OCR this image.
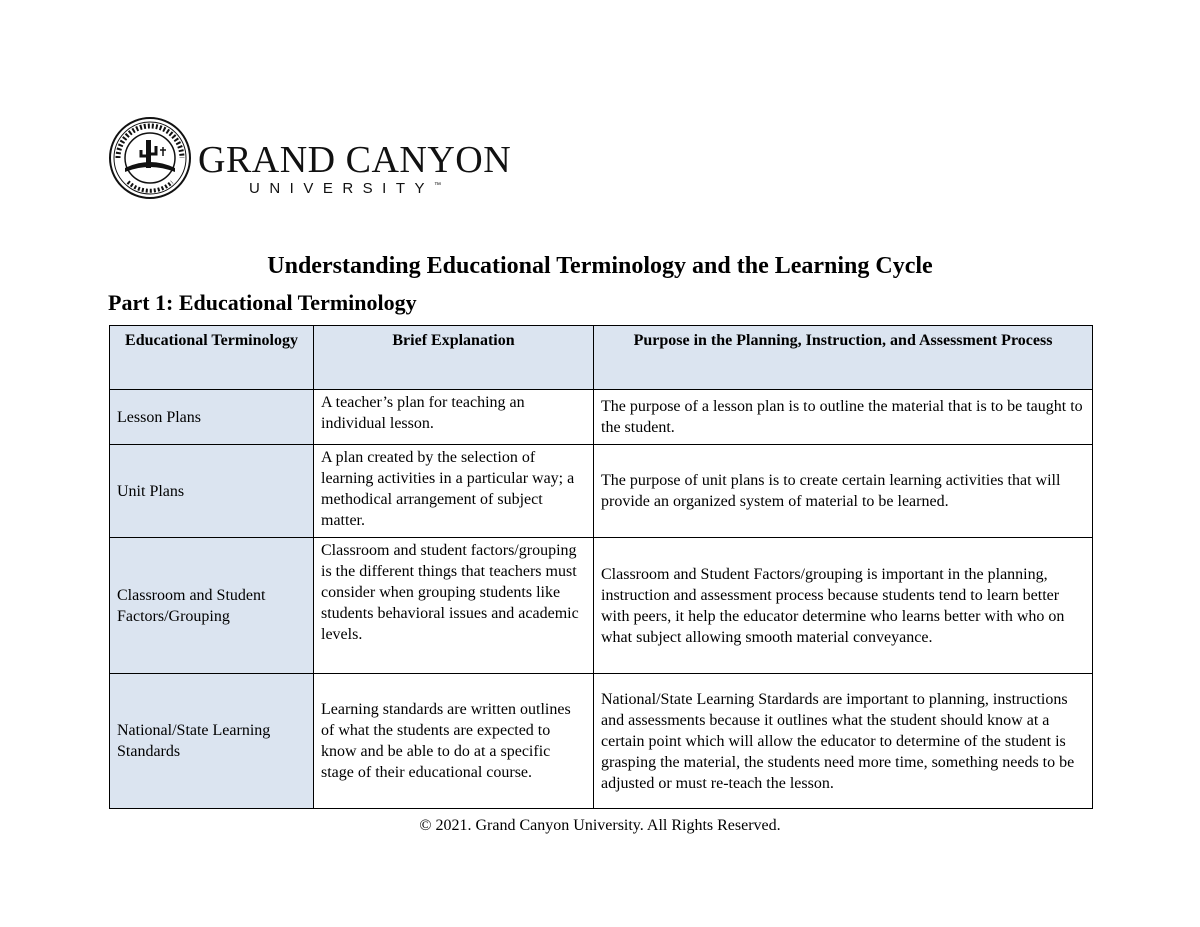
GRAND CANYON
UNIVERSITY™
Understanding Educational Terminology and the Learning Cycle
Part 1: Educational Terminology
Educational Terminology	Brief Explanation	Purpose in the Planning, Instruction, and Assessment Process
Lesson Plans	A teacher’s plan for teaching an individual lesson.	The purpose of a lesson plan is to outline the material that is to be taught to the student.
Unit Plans	A plan created by the selection of learning activities in a particular way; a methodical arrangement of subject matter.	The purpose of unit plans is to create certain learning activities that will provide an organized system of material to be learned.
Classroom and Student Factors/Grouping	Classroom and student factors/grouping is the different things that teachers must consider when grouping students like students behavioral issues and academic levels.	Classroom and Student Factors/grouping is important in the planning, instruction and assessment process because students tend to learn better with peers, it help the educator determine who learns better with who on what subject allowing smooth material conveyance.
National/State Learning Standards	Learning standards are written outlines of what the students are expected to know and be able to do at a specific stage of their educational course.	National/State Learning Stardards are important to planning, instructions and assessments because it outlines what the student should know at a certain point which will allow the educator to determine of the student is grasping the material, the students need more time, something needs to be adjusted or must re-teach the lesson.
© 2021. Grand Canyon University. All Rights Reserved.
